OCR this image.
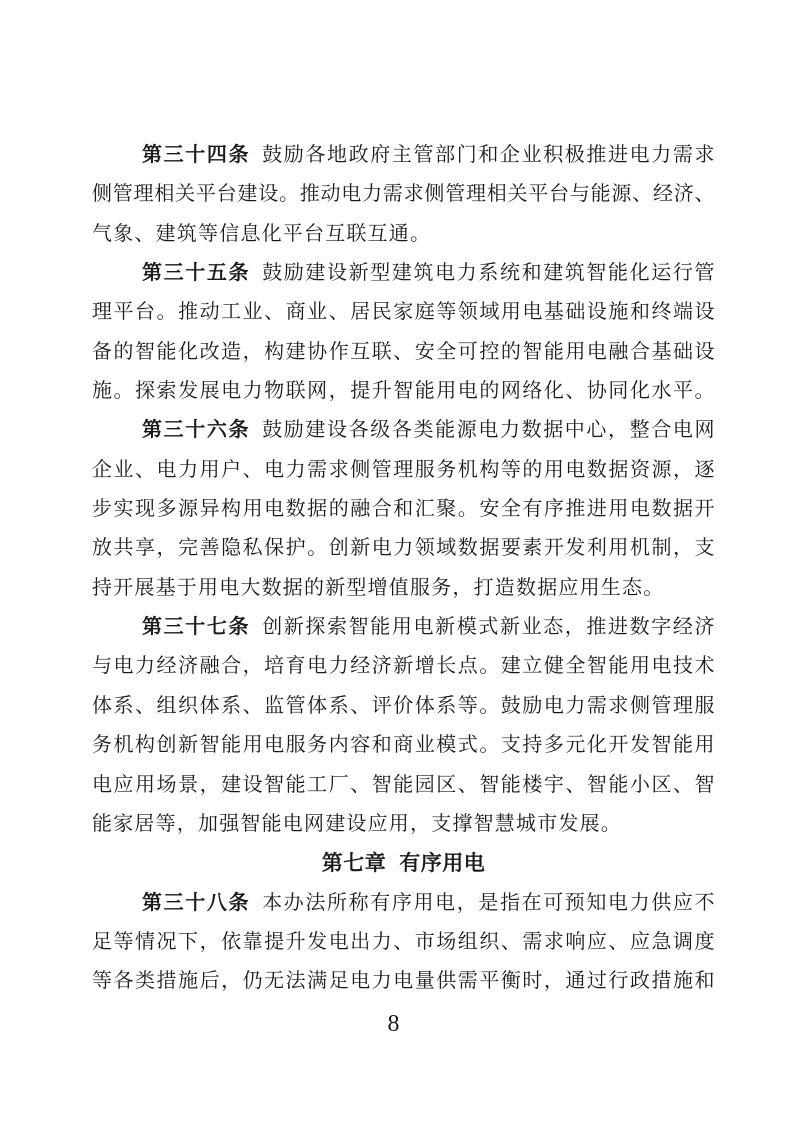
第三十四条 鼓励各地政府主管部门和企业积极推进电力需求
侧管理相关平台建设。推动电力需求侧管理相关平台与能源、经济、
气象、建筑等信息化平台互联互通。
第三十五条 鼓励建设新型建筑电力系统和建筑智能化运行管
理平台。推动工业、商业、居民家庭等领域用电基础设施和终端设
备的智能化改造，构建协作互联、安全可控的智能用电融合基础设
施。探索发展电力物联网，提升智能用电的网络化、协同化水平。
第三十六条 鼓励建设各级各类能源电力数据中心，整合电网
企业、电力用户、电力需求侧管理服务机构等的用电数据资源，逐
步实现多源异构用电数据的融合和汇聚。安全有序推进用电数据开
放共享，完善隐私保护。创新电力领域数据要素开发利用机制，支
持开展基于用电大数据的新型增值服务，打造数据应用生态。
第三十七条 创新探索智能用电新模式新业态，推进数字经济
与电力经济融合，培育电力经济新增长点。建立健全智能用电技术
体系、组织体系、监管体系、评价体系等。鼓励电力需求侧管理服
务机构创新智能用电服务内容和商业模式。支持多元化开发智能用
电应用场景，建设智能工厂、智能园区、智能楼宇、智能小区、智
能家居等，加强智能电网建设应用，支撑智慧城市发展。
第七章 有序用电
第三十八条 本办法所称有序用电，是指在可预知电力供应不
足等情况下，依靠提升发电出力、市场组织、需求响应、应急调度
等各类措施后，仍无法满足电力电量供需平衡时，通过行政措施和
8
